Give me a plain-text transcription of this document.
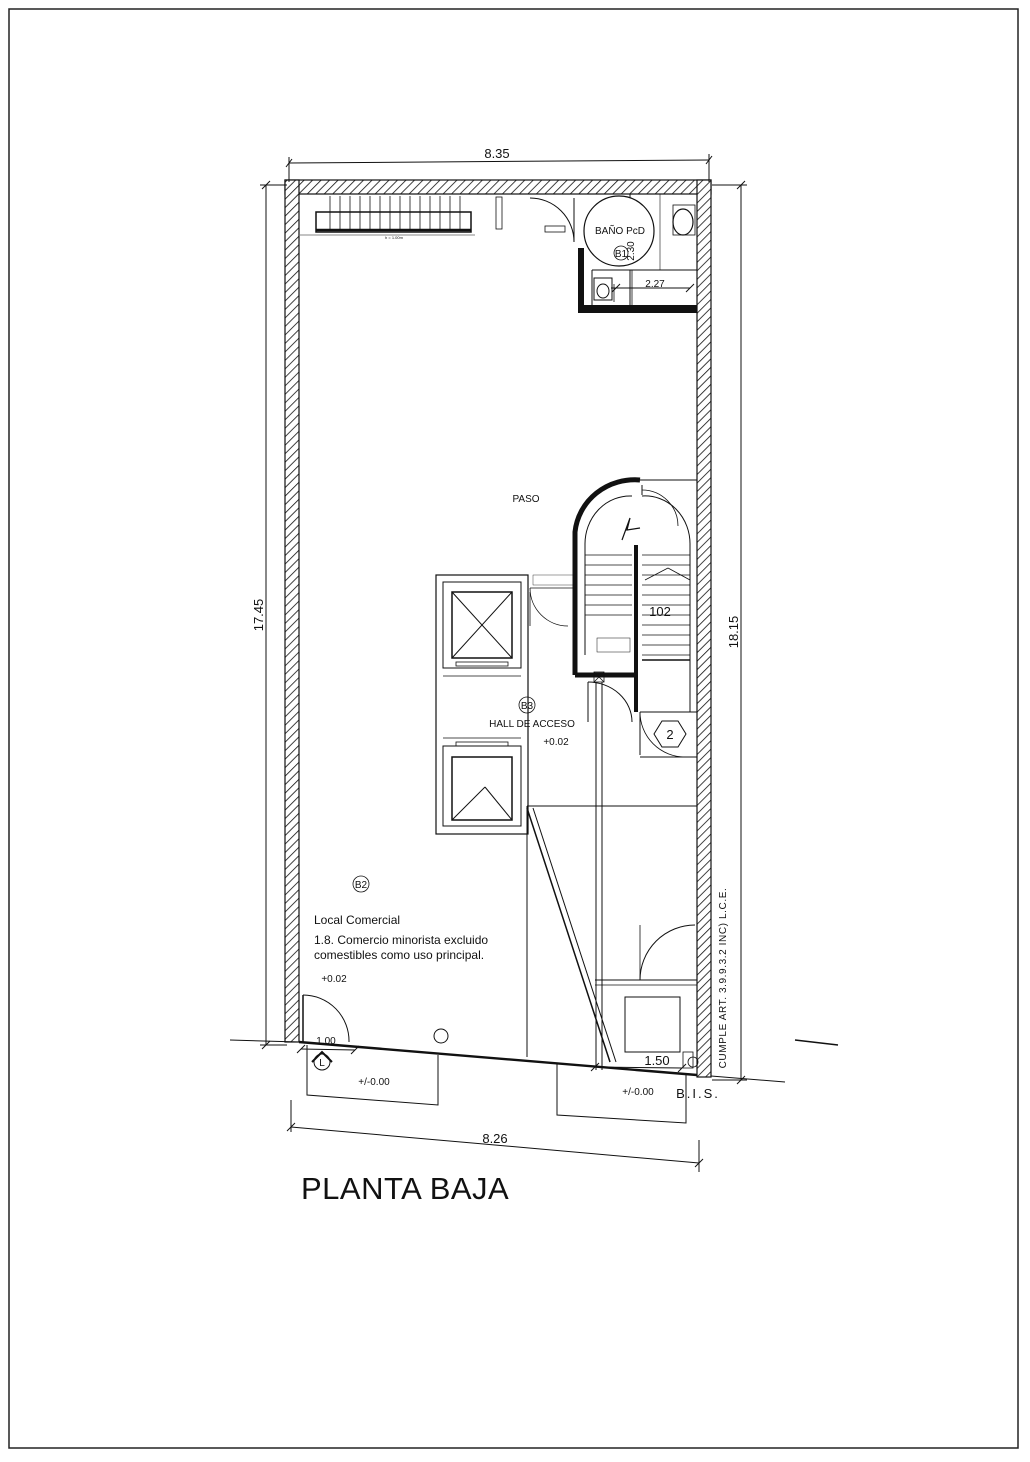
8.35
8.26
17.45
18.15
1.00
1.50
h = 1.00m
BAÑO PcD
B1
2.30
2.27
PASO
102
2
B3
HALL DE ACCESO
+0.02
B2
Local Comercial
1.8. Comercio minorista excluido
comestibles como uso principal.
+0.02
L
+/-0.00
+/-0.00 B.I.S.
CUMPLE ART. 3.9.9.3.2 INC) L.C.E.
PLANTA BAJA
